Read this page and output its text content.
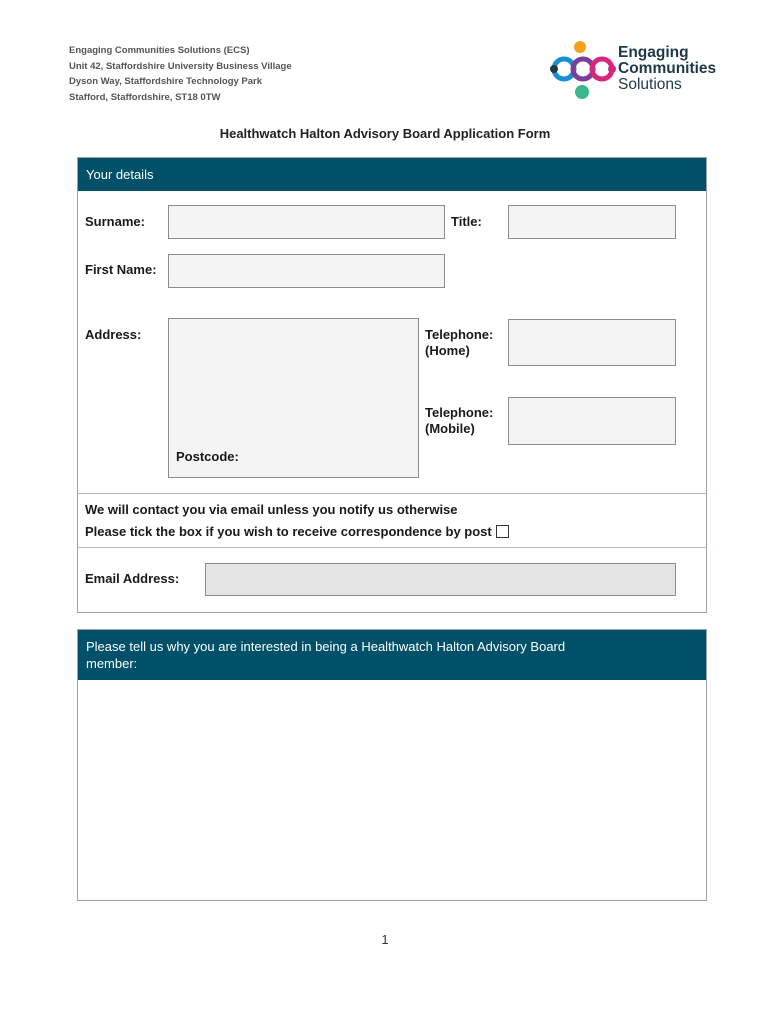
Engaging Communities Solutions (ECS)
Unit 42, Staffordshire University Business Village
Dyson Way, Staffordshire Technology Park
Stafford, Staffordshire, ST18 0TW
Engaging
Communities
Solutions
Healthwatch Halton Advisory Board Application Form
Your details
Surname:	Title:
First Name:
Address:
Postcode:
Telephone:
(Home)
Telephone:
(Mobile)
We will contact you via email unless you notify us otherwise
Please tick the box if you wish to receive correspondence by post
Email Address:
Please tell us why you are interested in being a Healthwatch Halton Advisory Board
member:
1
